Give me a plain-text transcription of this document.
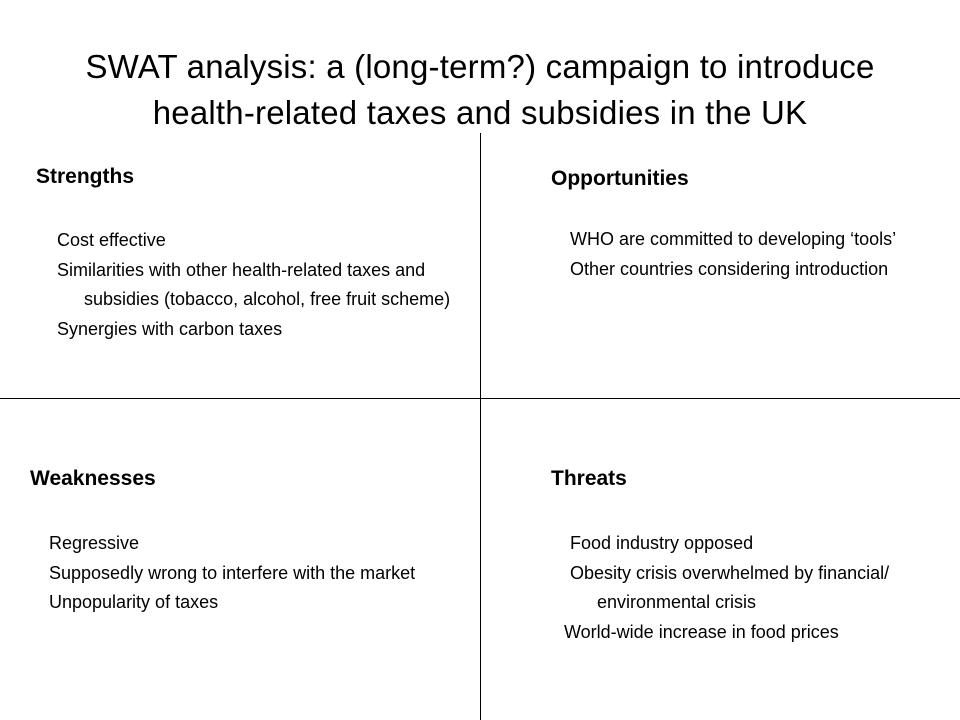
SWAT analysis: a (long-term?) campaign to introduce
health-related taxes and subsidies in the UK
Strengths
Cost effective
Similarities with other health-related taxes and subsidies (tobacco, alcohol, free fruit scheme)
Synergies with carbon taxes
Opportunities
WHO are committed to developing ‘tools’
Other countries considering introduction
Weaknesses
Regressive
Supposedly wrong to interfere with the market
Unpopularity of taxes
Threats
Food industry opposed
Obesity crisis overwhelmed by financial/ environmental crisis
World-wide increase in food prices
